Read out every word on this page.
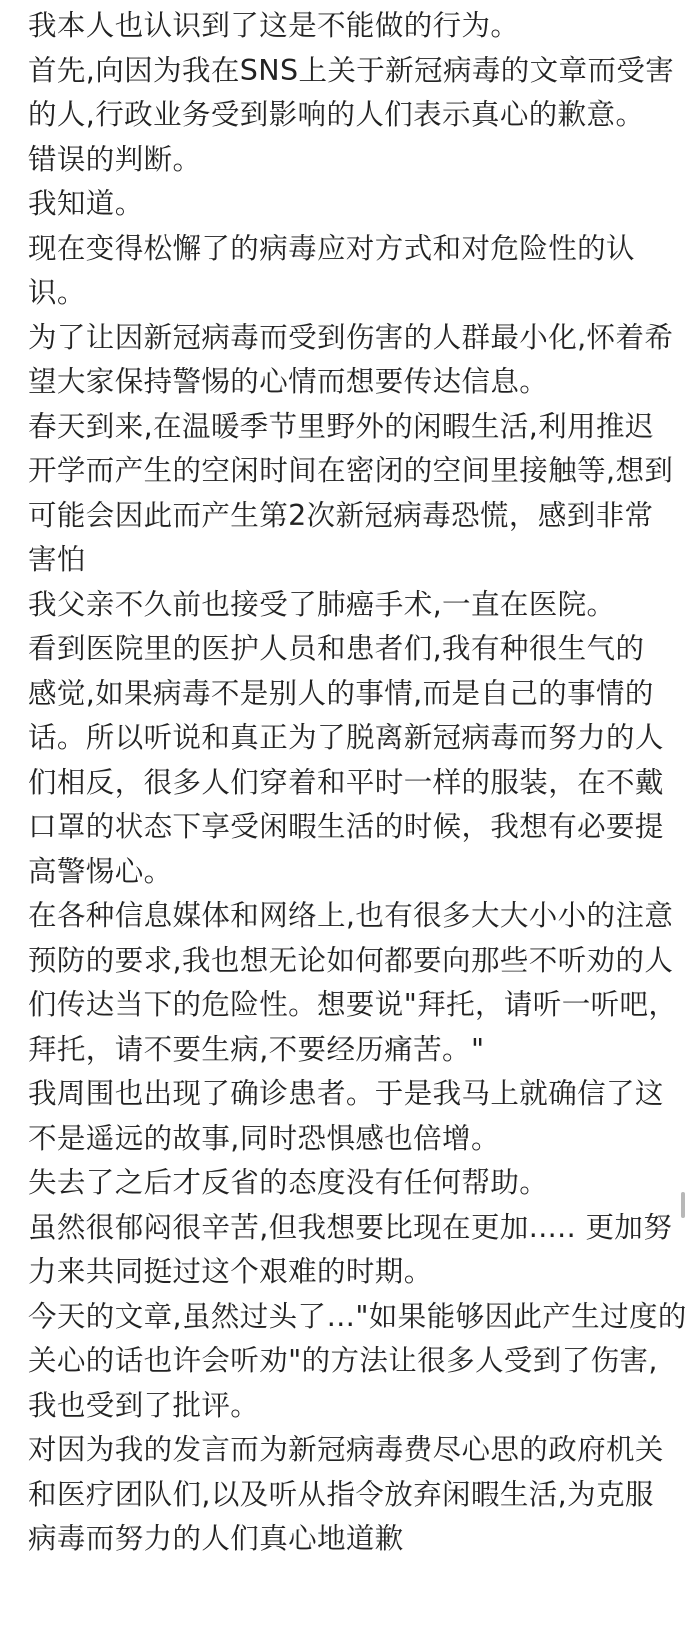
我本人也认识到了这是不能做的行为。
首先,向因为我在SNS上关于新冠病毒的文章而受害
的人,行政业务受到影响的人们表示真心的歉意。
错误的判断。
我知道。
现在变得松懈了的病毒应对方式和对危险性的认
识。
为了让因新冠病毒而受到伤害的人群最小化,怀着希
望大家保持警惕的心情而想要传达信息。
春天到来,在温暖季节里野外的闲暇生活,利用推迟
开学而产生的空闲时间在密闭的空间里接触等,想到
可能会因此而产生第2次新冠病毒恐慌，感到非常
害怕
我父亲不久前也接受了肺癌手术,一直在医院。
看到医院里的医护人员和患者们,我有种很生气的
感觉,如果病毒不是别人的事情,而是自己的事情的
话。所以听说和真正为了脱离新冠病毒而努力的人
们相反，很多人们穿着和平时一样的服装，在不戴
口罩的状态下享受闲暇生活的时候，我想有必要提
高警惕心。
在各种信息媒体和网络上,也有很多大大小小的注意
预防的要求,我也想无论如何都要向那些不听劝的人
们传达当下的危险性。想要说"拜托，请听一听吧，
拜托，请不要生病,不要经历痛苦。"
我周围也出现了确诊患者。于是我马上就确信了这
不是遥远的故事,同时恐惧感也倍增。
失去了之后才反省的态度没有任何帮助。
虽然很郁闷很辛苦,但我想要比现在更加..... 更加努
力来共同挺过这个艰难的时期。
今天的文章,虽然过头了…"如果能够因此产生过度的
关心的话也许会听劝"的方法让很多人受到了伤害,
我也受到了批评。
对因为我的发言而为新冠病毒费尽心思的政府机关
和医疗团队们,以及听从指令放弃闲暇生活,为克服
病毒而努力的人们真心地道歉
